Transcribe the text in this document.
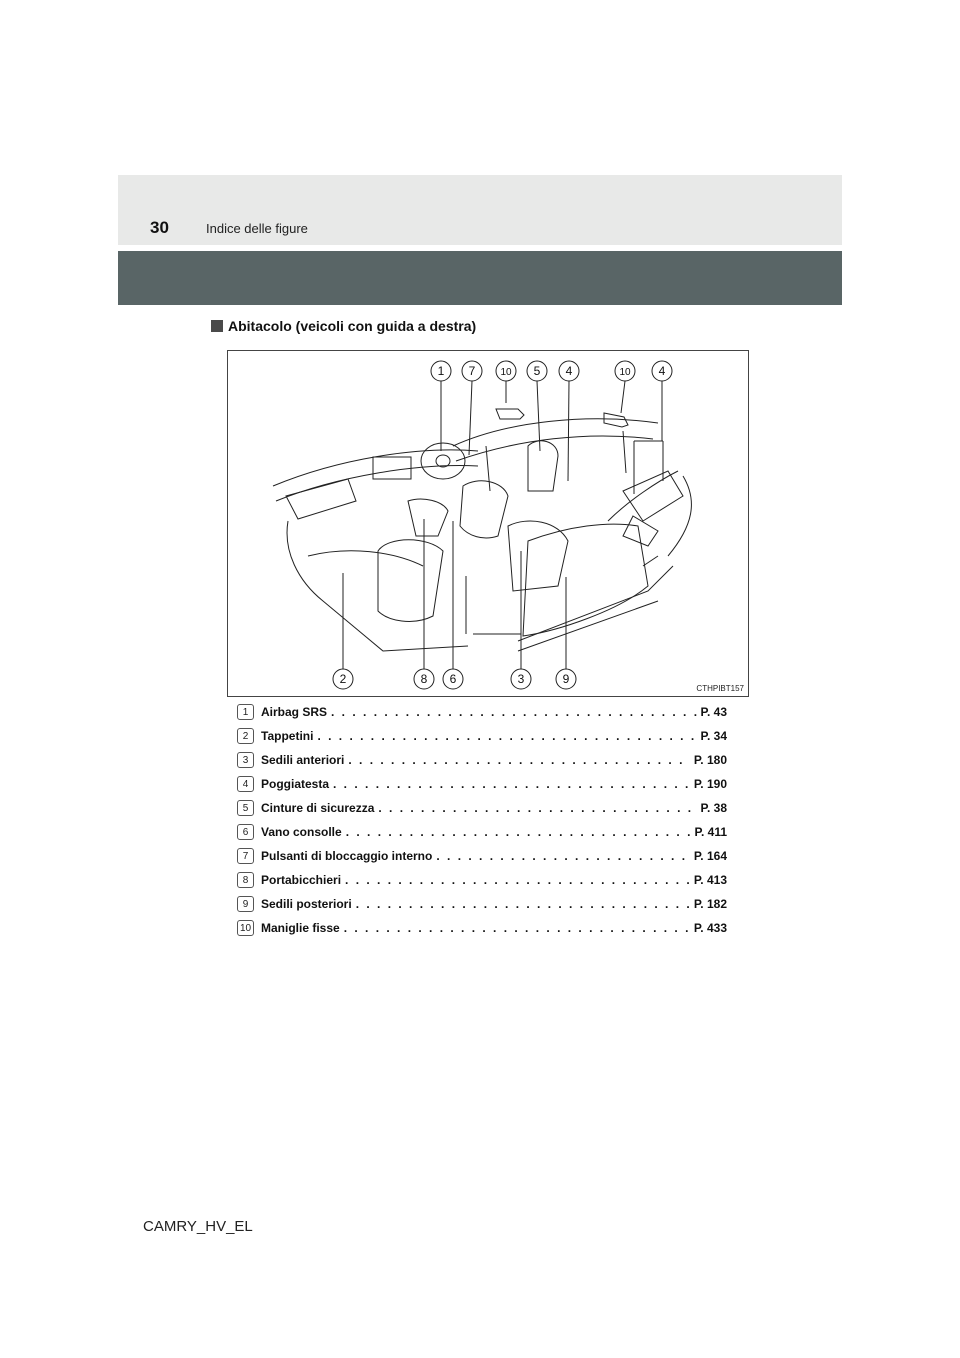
30	Indice delle figure
Abitacolo (veicoli con guida a destra)
1 7	10 5 4	10 4
2	8 6	3	9
CTHPIBT157
1	Airbag SRS . . .	P. 43
2	Tappetini . . .	P. 34
3	Sedili anteriori . . .	P. 180
4	Poggiatesta . . .	P. 190
5	Cinture di sicurezza . . .	P. 38
6	Vano consolle . . .	P. 411
7	Pulsanti di bloccaggio interno . . .	P. 164
8	Portabicchieri . . .	P. 413
9	Sedili posteriori . . .	P. 182
10 Maniglie fisse . . .	P. 433
CAMRY_HV_EL
